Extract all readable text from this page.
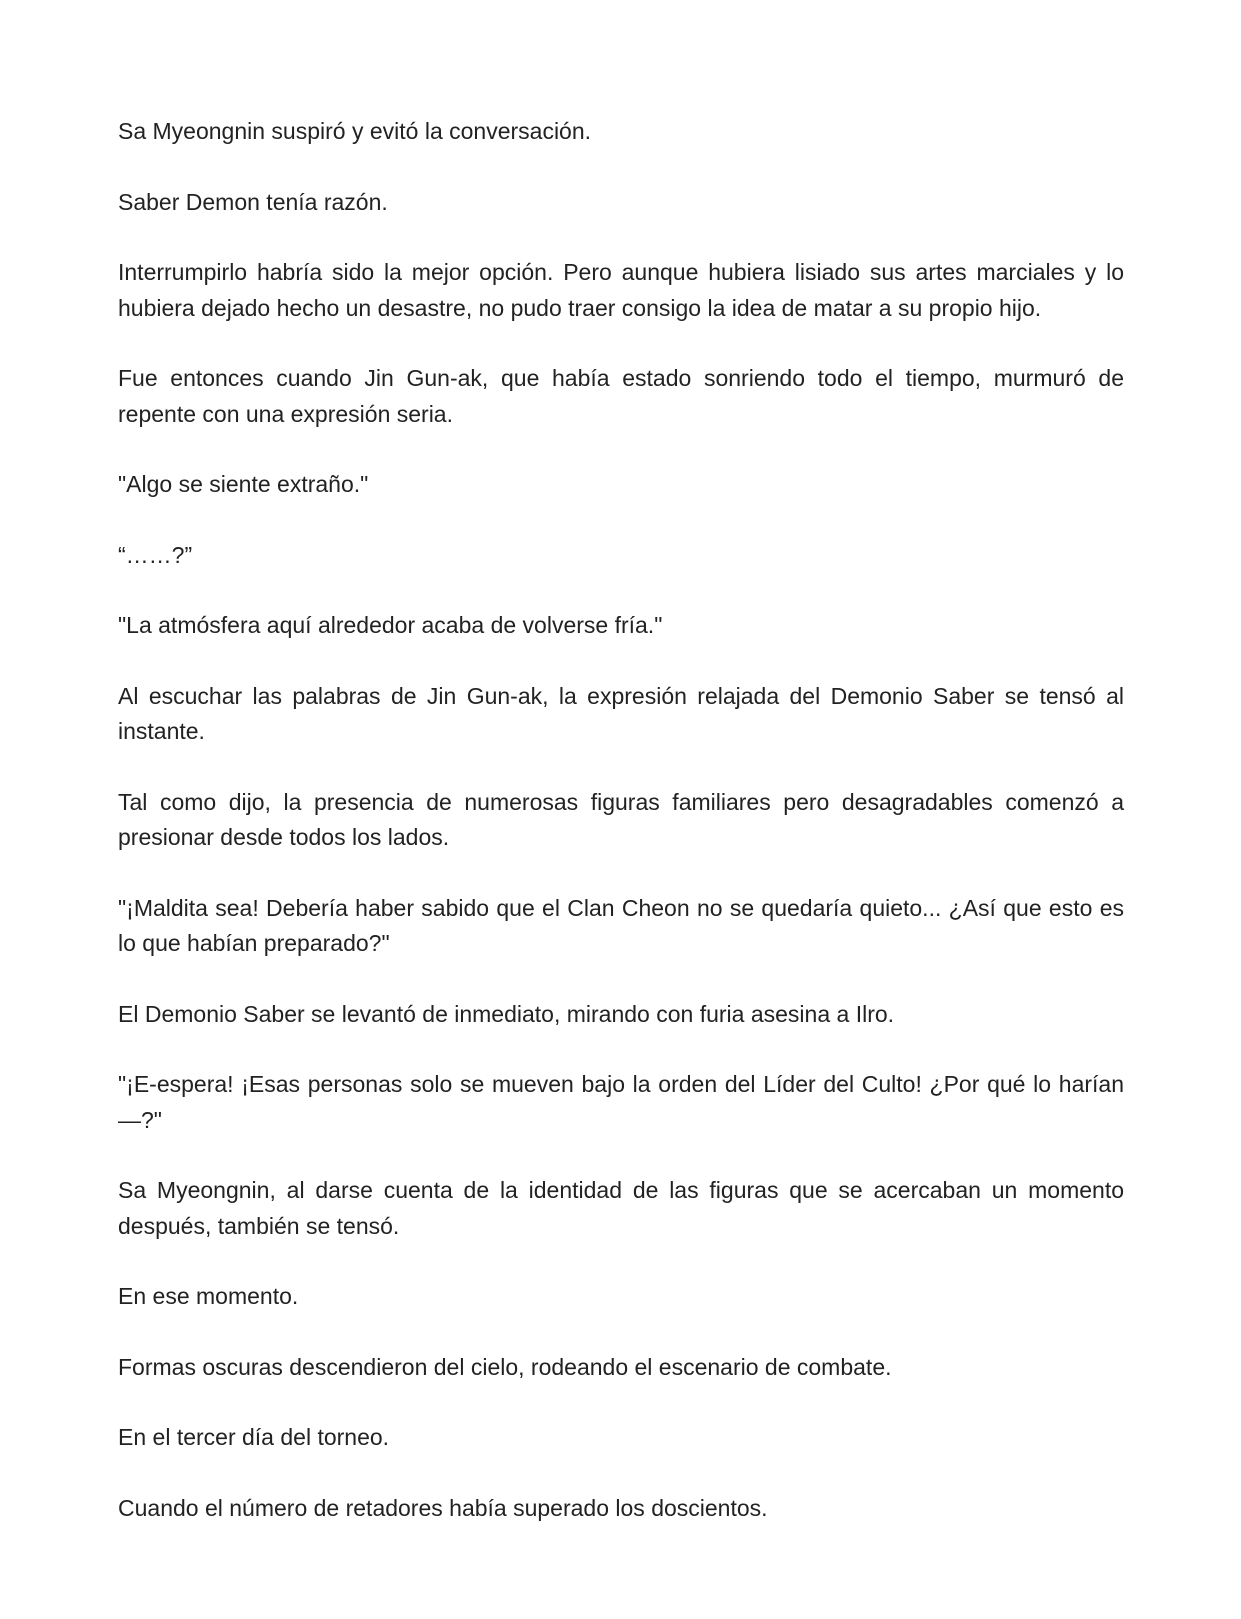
Sa Myeongnin suspiró y evitó la conversación.

Saber Demon tenía razón.

Interrumpirlo habría sido la mejor opción. Pero aunque hubiera lisiado sus artes marciales y lo hubiera dejado hecho un desastre, no pudo traer consigo la idea de matar a su propio hijo.

Fue entonces cuando Jin Gun-ak, que había estado sonriendo todo el tiempo, murmuró de repente con una expresión seria.

"Algo se siente extraño."

“……?”

"La atmósfera aquí alrededor acaba de volverse fría."

Al escuchar las palabras de Jin Gun-ak, la expresión relajada del Demonio Saber se tensó al instante.

Tal como dijo, la presencia de numerosas figuras familiares pero desagradables comenzó a presionar desde todos los lados.

"¡Maldita sea! Debería haber sabido que el Clan Cheon no se quedaría quieto... ¿Así que esto es lo que habían preparado?"

El Demonio Saber se levantó de inmediato, mirando con furia asesina a Ilro.

"¡E-espera! ¡Esas personas solo se mueven bajo la orden del Líder del Culto! ¿Por qué lo harían—?"

Sa Myeongnin, al darse cuenta de la identidad de las figuras que se acercaban un momento después, también se tensó.

En ese momento.

Formas oscuras descendieron del cielo, rodeando el escenario de combate.

En el tercer día del torneo.

Cuando el número de retadores había superado los doscientos.
